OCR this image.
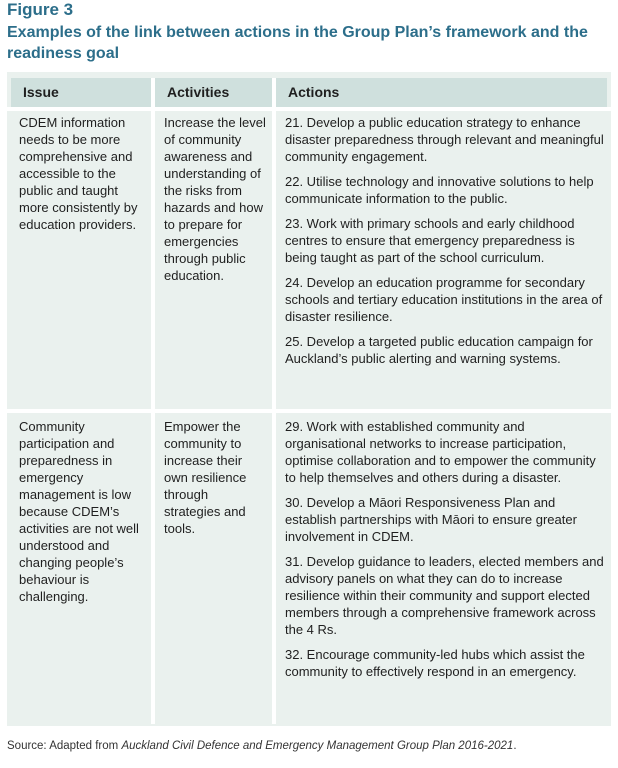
Figure 3
Examples of the link between actions in the Group Plan’s framework and the readiness goal
Issue	Activities	Actions
CDEM information needs to be more comprehensive and accessible to the public and taught more consistently by education providers.
Increase the level of community awareness and understanding of the risks from hazards and how to prepare for emergencies through public education.

21. Develop a public education strategy to enhance disaster preparedness through relevant and meaningful community engagement.

22. Utilise technology and innovative solutions to help communicate information to the public.

23. Work with primary schools and early childhood centres to ensure that emergency preparedness is being taught as part of the school curriculum.

24. Develop an education programme for secondary schools and tertiary education institutions in the area of disaster resilience.

25. Develop a targeted public education campaign for Auckland’s public alerting and warning systems.

Community participation and preparedness in emergency management is low because CDEM’s activities are not well understood and changing people’s behaviour is challenging.
Empower the community to increase their own resilience through strategies and tools.

29. Work with established community and organisational networks to increase participation, optimise collaboration and to empower the community to help themselves and others during a disaster.

30. Develop a Māori Responsiveness Plan and establish partnerships with Māori to ensure greater involvement in CDEM.

31. Develop guidance to leaders, elected members and advisory panels on what they can do to increase resilience within their community and support elected members through a comprehensive framework across the 4 Rs.

32. Encourage community-led hubs which assist the community to effectively respond in an emergency.

Source: Adapted from Auckland Civil Defence and Emergency Management Group Plan 2016-2021.
